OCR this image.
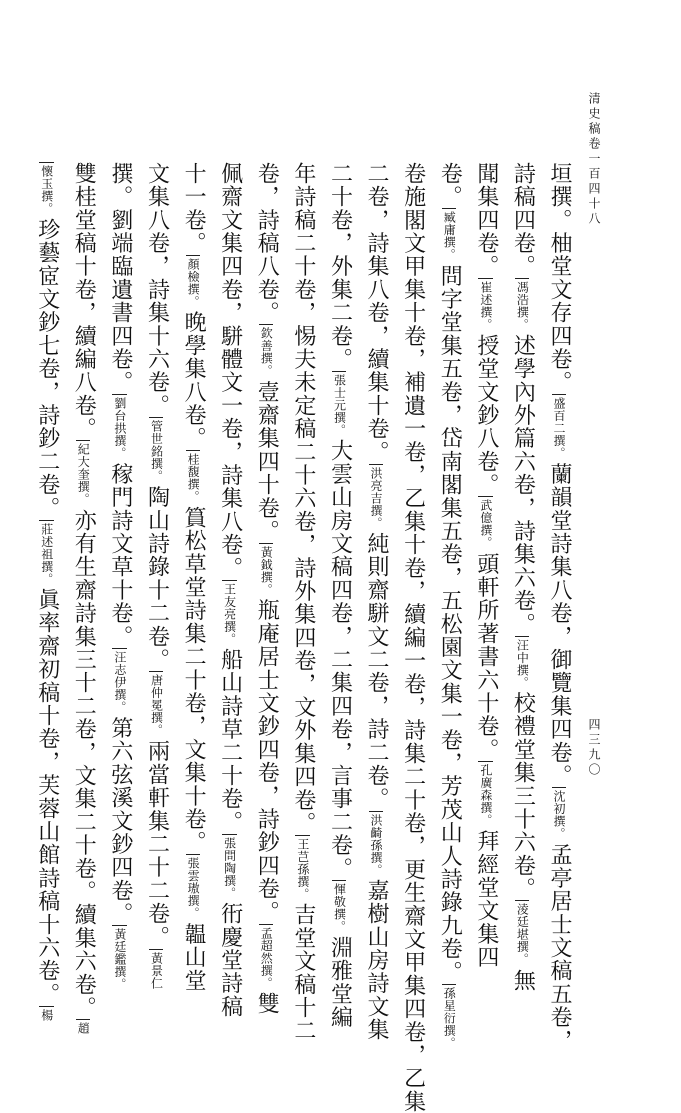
清史稿卷一百四十八
四三九〇
垣撰。柚堂文存四卷。盛百二撰。蘭韻堂詩集八卷，御覽集四卷。沈初撰。孟亭居士文稿五卷，
詩稿四卷。馮浩撰。述學內外篇六卷，詩集六卷。汪中撰。校禮堂集三十六卷。淩廷堪撰。無
聞集四卷。崔述撰。授堂文鈔八卷。武億撰。頭軒所著書六十卷。孔廣森撰。拜經堂文集四
卷。臧庸撰。問字堂集五卷，岱南閣集五卷，五松園文集一卷，芳茂山人詩錄九卷。孫星衍撰。
卷施閣文甲集十卷，補遺一卷，乙集十卷，續編一卷，詩集二十卷，更生齋文甲集四卷，乙集
二卷，詩集八卷，續集十卷。洪亮吉撰。純則齋駢文二卷，詩二卷。洪齮孫撰。嘉樹山房詩文集
二十卷，外集二卷。張士元撰。大雲山房文稿四卷，二集四卷，言事二卷。惲敬撰。淵雅堂編
年詩稿二十卷，惕夫未定稿二十六卷，詩外集四卷，文外集四卷。王芑孫撰。吉堂文稿十二
卷，詩稿八卷。欽善撰。壹齋集四十卷。黃鉞撰。瓶庵居士文鈔四卷，詩鈔四卷。孟超然撰。雙
佩齋文集四卷，駢體文一卷，詩集八卷。王友亮撰。船山詩草二十卷。張問陶撰。衎慶堂詩稿
十一卷。顏檢撰。晚學集八卷。桂馥撰。篔松草堂詩集二十卷，文集十卷。張雲璈撰。韞山堂
文集八卷，詩集十六卷。管世銘撰。陶山詩錄十二卷。唐仲冕撰。兩當軒集二十二卷。黃景仁
撰。劉端臨遺書四卷。劉台拱撰。稼門詩文草十卷。汪志伊撰。第六弦溪文鈔四卷。黃廷鑑撰。
雙桂堂稿十卷，續編八卷。紀大奎撰。亦有生齋詩集三十二卷，文集二十卷。續集六卷。趙
懷玉撰。珍藝宧文鈔七卷，詩鈔二卷。莊述祖撰。眞率齋初稿十卷，芙蓉山館詩稿十六卷。楊
